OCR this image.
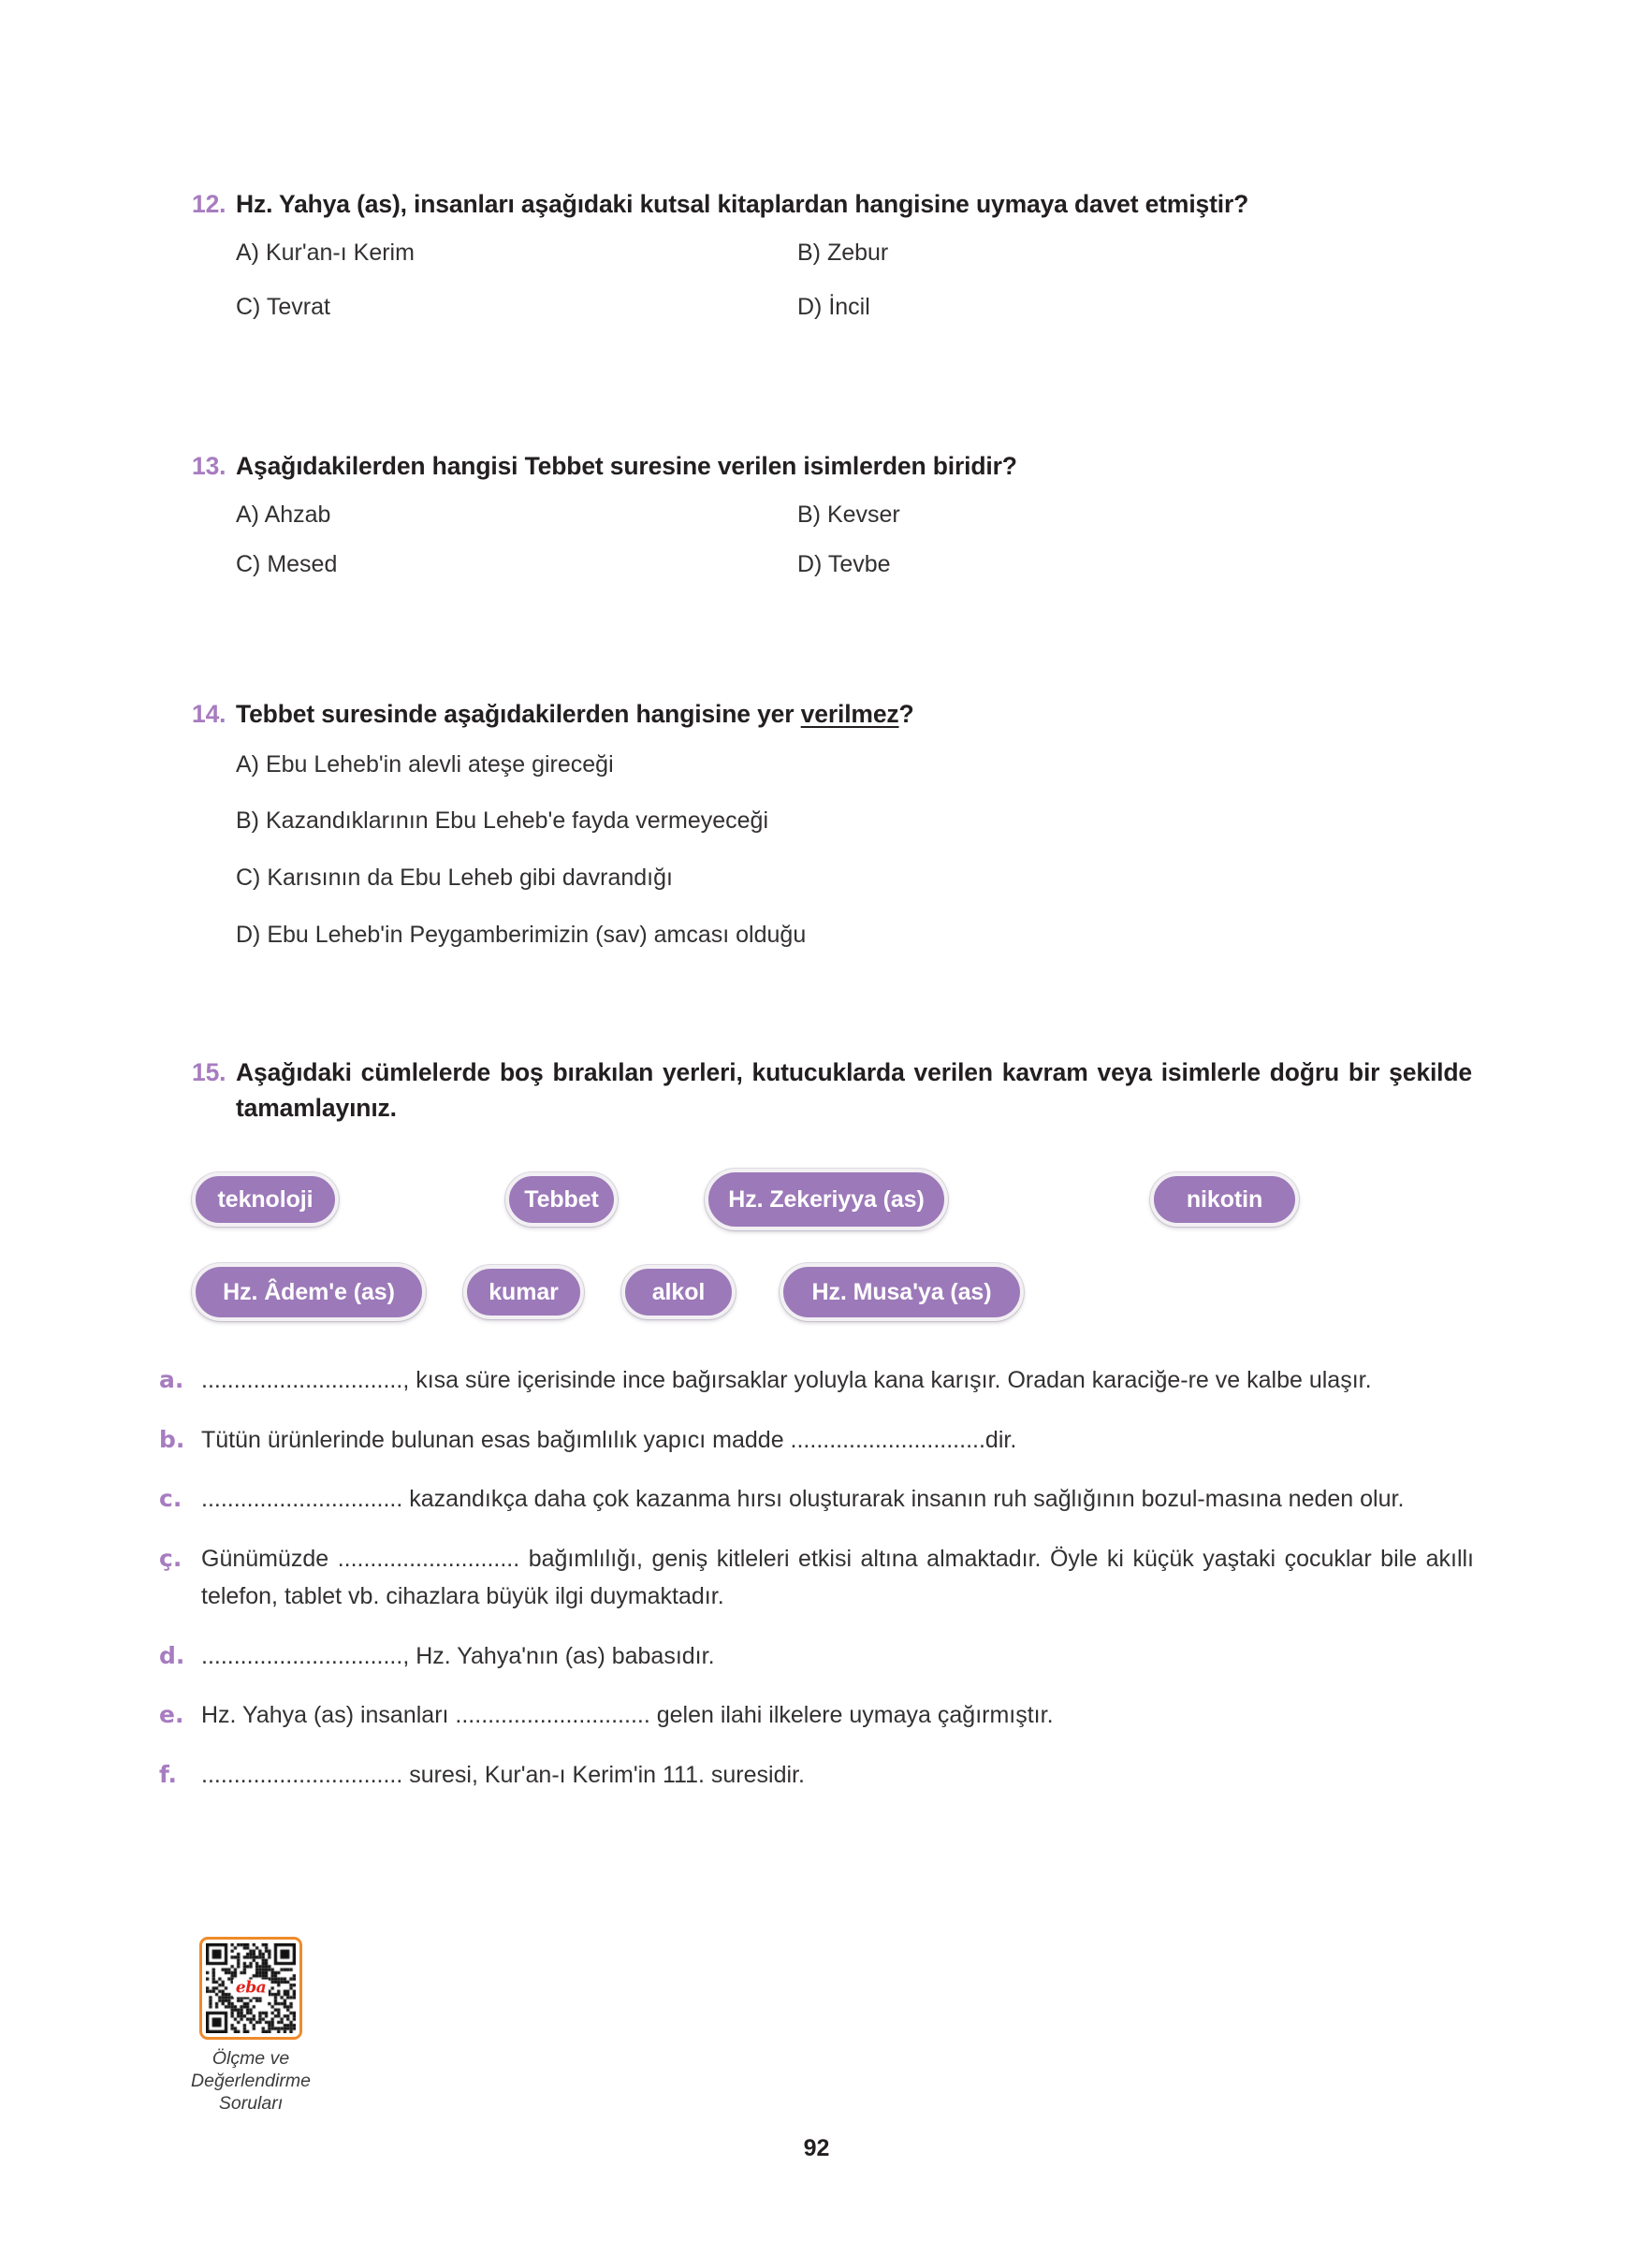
12. Hz. Yahya (as), insanları aşağıdaki kutsal kitaplardan hangisine uymaya davet etmiştir?
A) Kur'an-ı Kerim	B) Zebur
C) Tevrat	D) İncil
13. Aşağıdakilerden hangisi Tebbet suresine verilen isimlerden biridir?
A) Ahzab	B) Kevser
C) Mesed	D) Tevbe
14. Tebbet suresinde aşağıdakilerden hangisine yer verilmez?
A) Ebu Leheb'in alevli ateşe gireceği
B) Kazandıklarının Ebu Leheb'e fayda vermeyeceği
C) Karısının da Ebu Leheb gibi davrandığı
D) Ebu Leheb'in Peygamberimizin (sav) amcası olduğu
15. Aşağıdaki cümlelerde boş bırakılan yerleri, kutucuklarda verilen kavram veya isimlerle doğru bir şekilde tamamlayınız.
teknoloji	Tebbet	Hz. Zekeriyya (as)	nikotin
Hz. Âdem'e (as)	kumar	alkol	Hz. Musa'ya (as)
a. ..............................., kısa süre içerisinde ince bağırsaklar yoluyla kana karışır. Oradan karaciğe-re ve kalbe ulaşır.
b. Tütün ürünlerinde bulunan esas bağımlılık yapıcı madde ..............................dir.
c. ............................... kazandıkça daha çok kazanma hırsı oluşturarak insanın ruh sağlığının bozul-masına neden olur.
ç. Günümüzde ............................ bağımlılığı, geniş kitleleri etkisi altına almaktadır. Öyle ki küçük yaştaki çocuklar bile akıllı telefon, tablet vb. cihazlara büyük ilgi duymaktadır.
d. ..............................., Hz. Yahya'nın (as) babasıdır.
e. Hz. Yahya (as) insanları .............................. gelen ilahi ilkelere uymaya çağırmıştır.
f.	............................... suresi, Kur'an-ı Kerim'in 111. suresidir.
eba
Ölçme ve
Değerlendirme
Soruları
92
